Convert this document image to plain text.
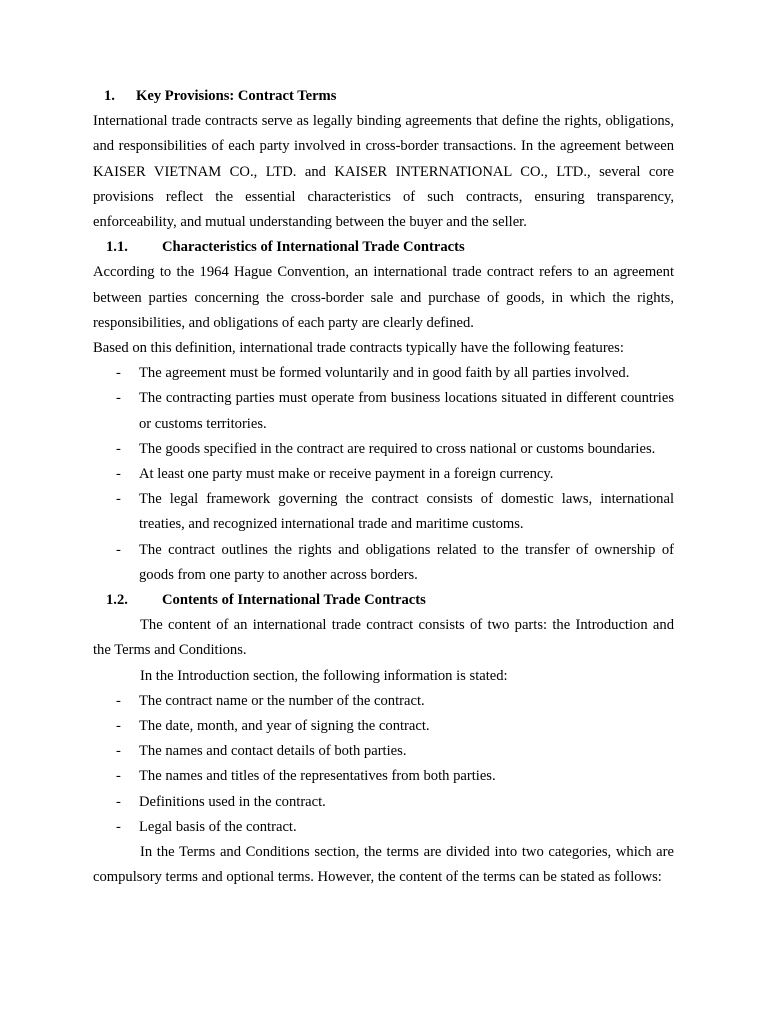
1. Key Provisions: Contract Terms
International trade contracts serve as legally binding agreements that define the rights, obligations, and responsibilities of each party involved in cross-border transactions. In the agreement between KAISER VIETNAM CO., LTD. and KAISER INTERNATIONAL CO., LTD., several core provisions reflect the essential characteristics of such contracts, ensuring transparency, enforceability, and mutual understanding between the buyer and the seller.
1.1. Characteristics of International Trade Contracts
According to the 1964 Hague Convention, an international trade contract refers to an agreement between parties concerning the cross-border sale and purchase of goods, in which the rights, responsibilities, and obligations of each party are clearly defined.
Based on this definition, international trade contracts typically have the following features:
- The agreement must be formed voluntarily and in good faith by all parties involved.
- The contracting parties must operate from business locations situated in different countries or customs territories.
- The goods specified in the contract are required to cross national or customs boundaries.
- At least one party must make or receive payment in a foreign currency.
- The legal framework governing the contract consists of domestic laws, international treaties, and recognized international trade and maritime customs.
- The contract outlines the rights and obligations related to the transfer of ownership of goods from one party to another across borders.
1.2. Contents of International Trade Contracts
The content of an international trade contract consists of two parts: the Introduction and the Terms and Conditions.
In the Introduction section, the following information is stated:
- The contract name or the number of the contract.
- The date, month, and year of signing the contract.
- The names and contact details of both parties.
- The names and titles of the representatives from both parties.
- Definitions used in the contract.
- Legal basis of the contract.
In the Terms and Conditions section, the terms are divided into two categories, which are compulsory terms and optional terms. However, the content of the terms can be stated as follows:
